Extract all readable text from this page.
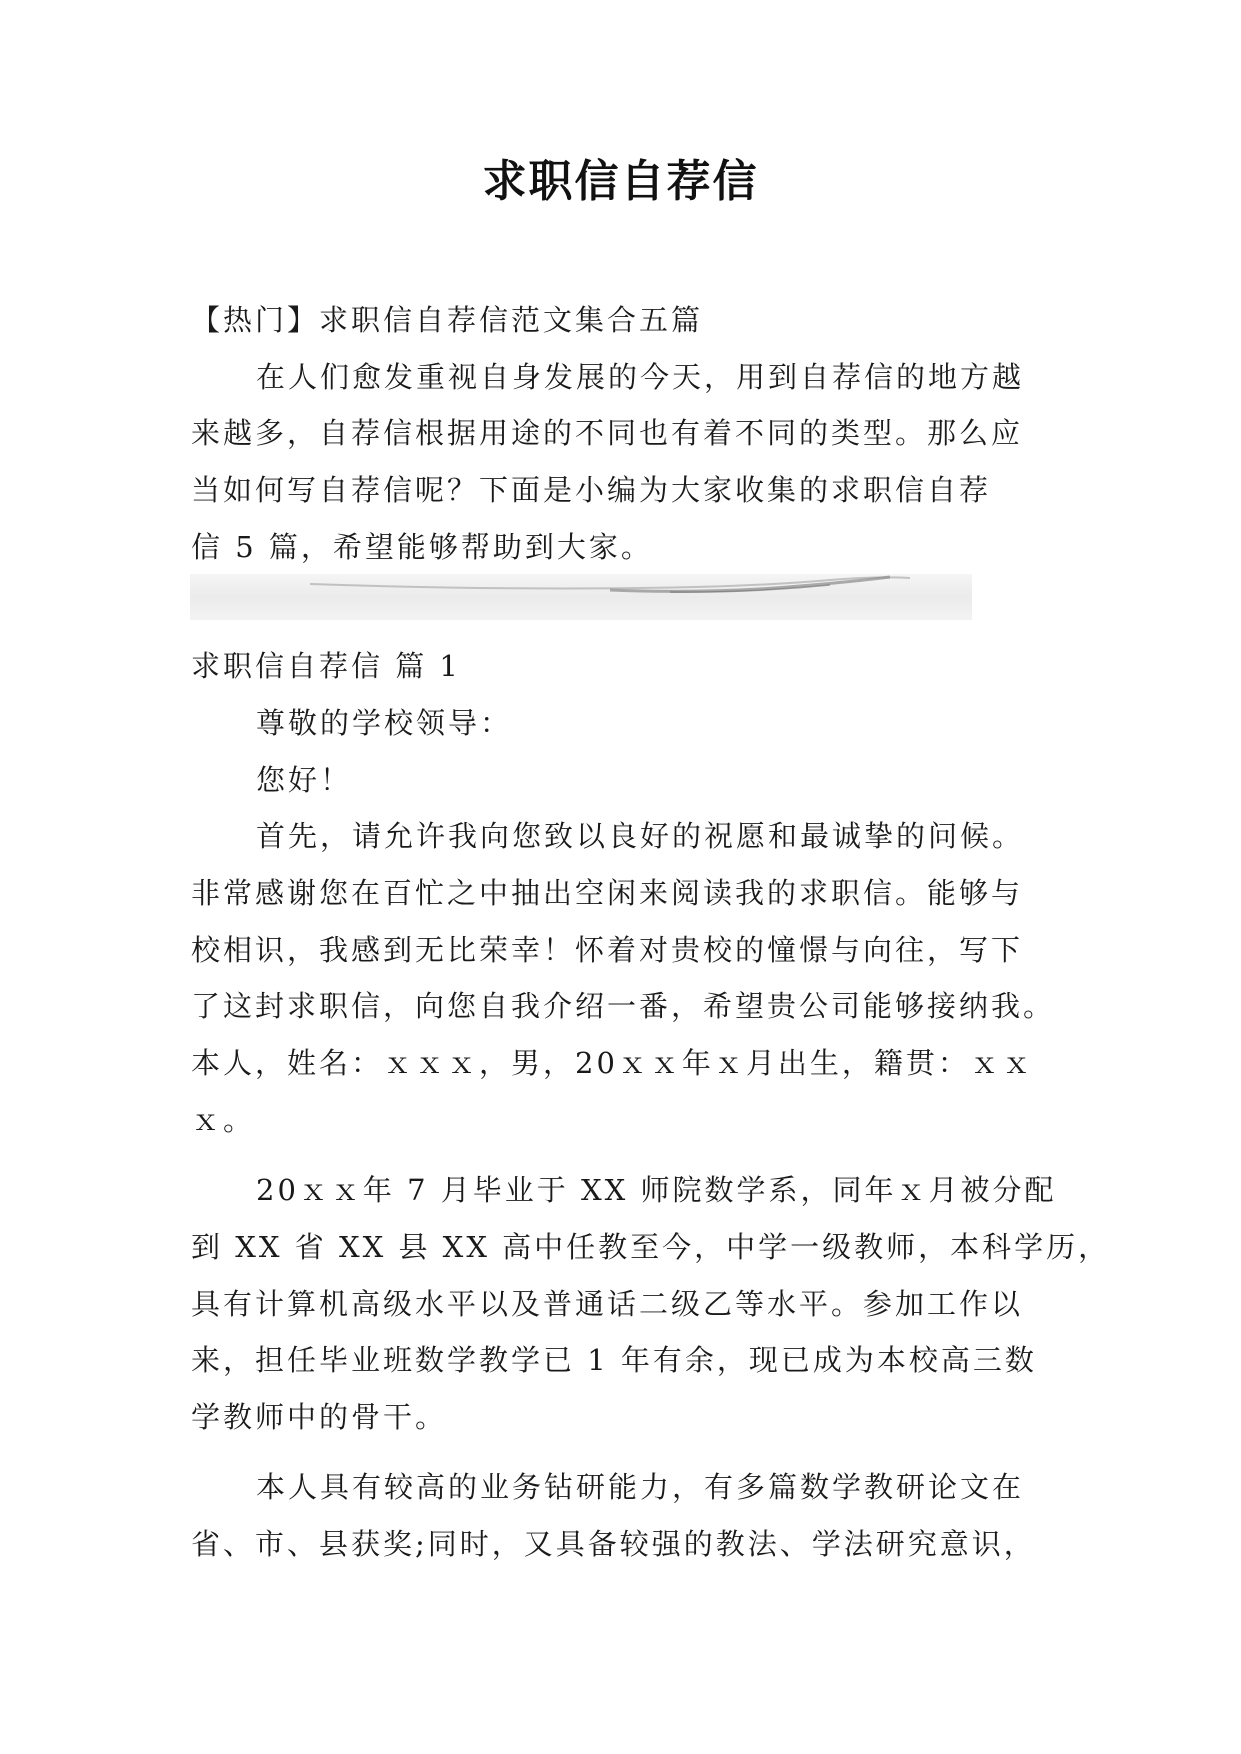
求职信自荐信
【热门】求职信自荐信范文集合五篇
在人们愈发重视自身发展的今天，用到自荐信的地方越
来越多，自荐信根据用途的不同也有着不同的类型。那么应
当如何写自荐信呢？下面是小编为大家收集的求职信自荐
信 5 篇，希望能够帮助到大家。
求职信自荐信 篇 1
尊敬的学校领导：
您好！
首先，请允许我向您致以良好的祝愿和最诚挚的问候。
非常感谢您在百忙之中抽出空闲来阅读我的求职信。能够与
校相识，我感到无比荣幸！怀着对贵校的憧憬与向往，写下
了这封求职信，向您自我介绍一番，希望贵公司能够接纳我。
本人，姓名：ｘｘｘ，男，20ｘｘ年ｘ月出生，籍贯：ｘｘ
ｘ。
20ｘｘ年 7 月毕业于 XX 师院数学系，同年ｘ月被分配
到 XX 省 XX 县 XX 高中任教至今，中学一级教师，本科学历，
具有计算机高级水平以及普通话二级乙等水平。参加工作以
来，担任毕业班数学教学已 1 年有余，现已成为本校高三数
学教师中的骨干。
本人具有较高的业务钻研能力，有多篇数学教研论文在
省、市、县获奖;同时，又具备较强的教法、学法研究意识，
